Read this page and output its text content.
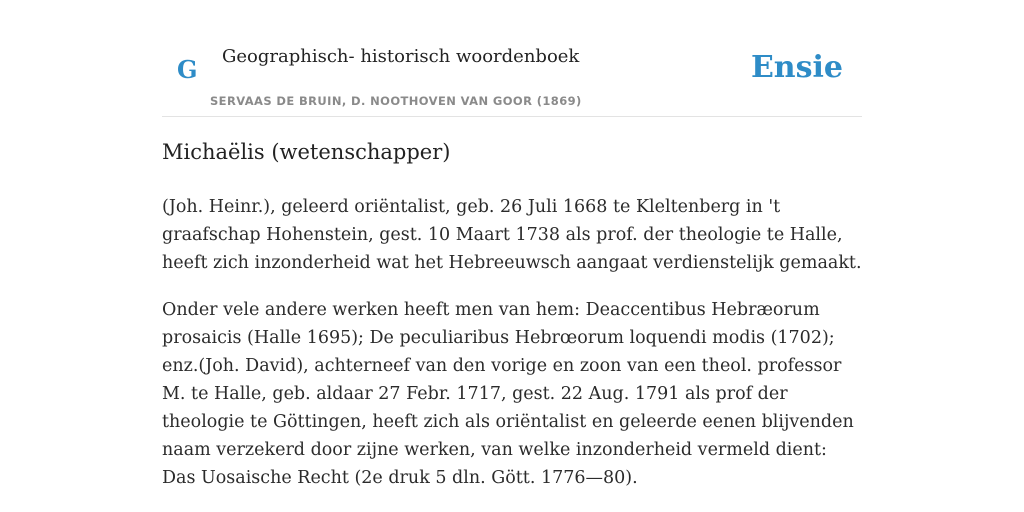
G Geographisch- historisch woordenboek
SERVAAS DE BRUIN, D. NOOTHOVEN VAN GOOR (1869)
Ensie
Michaëlis (wetenschapper)

(Joh. Heinr.), geleerd oriëntalist, geb. 26 Juli 1668 te Kleltenberg in 't graafschap Hohenstein, gest. 10 Maart 1738 als prof. der theologie te Halle, heeft zich inzonderheid wat het Hebreeuwsch aangaat verdienstelijk gemaakt.

Onder vele andere werken heeft men van hem: Deaccentibus Hebræorum prosaicis (Halle 1695); De peculiaribus Hebrœorum loquendi modis (1702); enz.(Joh. David), achterneef van den vorige en zoon van een theol. professor M. te Halle, geb. aldaar 27 Febr. 1717, gest. 22 Aug. 1791 als prof der theologie te Göttingen, heeft zich als oriëntalist en geleerde eenen blijvenden naam verzekerd door zijne werken, van welke inzonderheid vermeld dient: Das Uosaische Recht (2e druk 5 dln. Gött. 1776—80).
